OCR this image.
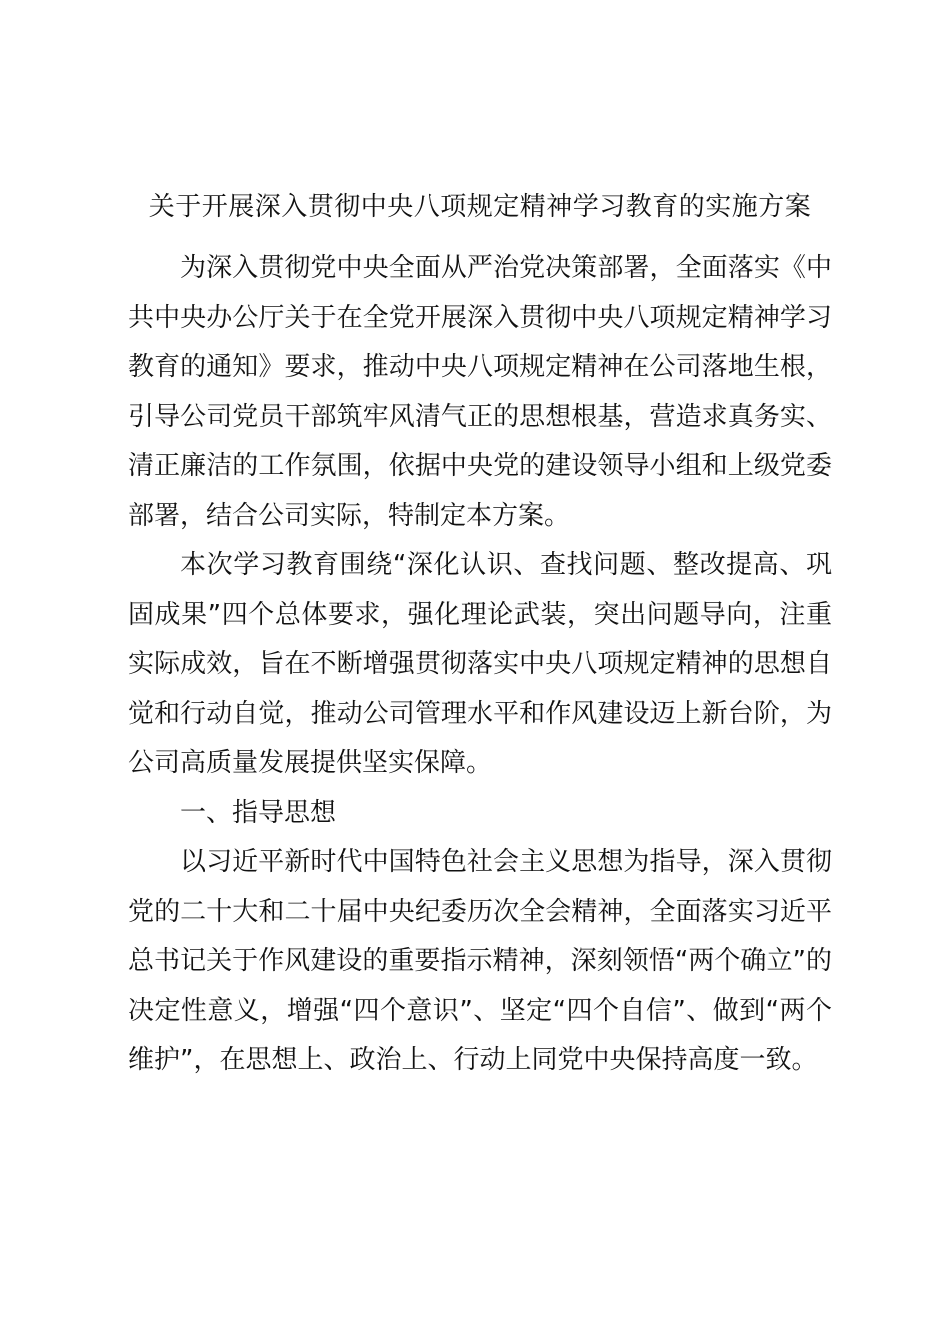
关于开展深入贯彻中央八项规定精神学习教育的实施方案

为深入贯彻党中央全面从严治党决策部署，全面落实《中共中央办公厅关于在全党开展深入贯彻中央八项规定精神学习教育的通知》要求，推动中央八项规定精神在公司落地生根，引导公司党员干部筑牢风清气正的思想根基，营造求真务实、清正廉洁的工作氛围，依据中央党的建设领导小组和上级党委部署，结合公司实际，特制定本方案。

本次学习教育围绕“深化认识、查找问题、整改提高、巩固成果”四个总体要求，强化理论武装，突出问题导向，注重实际成效，旨在不断增强贯彻落实中央八项规定精神的思想自觉和行动自觉，推动公司管理水平和作风建设迈上新台阶，为公司高质量发展提供坚实保障。

一、指导思想

以习近平新时代中国特色社会主义思想为指导，深入贯彻党的二十大和二十届中央纪委历次全会精神，全面落实习近平总书记关于作风建设的重要指示精神，深刻领悟“两个确立”的决定性意义，增强“四个意识”、坚定“四个自信”、做到“两个维护”，在思想上、政治上、行动上同党中央保持高度一致。
